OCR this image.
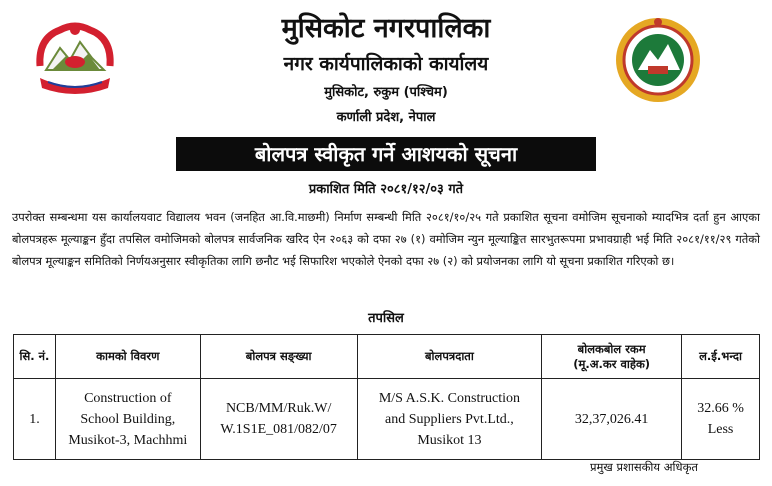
मुसिकोट नगरपालिका
नगर कार्यपालिकाको कार्यालय
मुसिकोट, रुकुम (पश्चिम)
कर्णाली प्रदेश, नेपाल
बोलपत्र स्वीकृत गर्ने आशयको सूचना
प्रकाशित मिति २०८१/१२/०३ गते

उपरोक्त सम्बन्धमा यस कार्यालयवाट विद्यालय भवन (जनहित आ.वि.माछमी) निर्माण सम्बन्धी मिति २०८१/१०/२५ गते प्रकाशित सूचना वमोजिम सूचनाको म्यादभित्र दर्ता हुन आएका बोलपत्रहरू मूल्याङ्कन हुँदा तपसिल वमोजिमको बोलपत्र सार्वजनिक खरिद ऐन २०६३ को दफा २७ (१) वमोजिम न्युन मूल्याङ्कित सारभुतरूपमा प्रभावग्राही भई मिति २०८१/११/२९ गतेको बोलपत्र मूल्याङ्कन समितिको निर्णयअनुसार स्वीकृतिका लागि छनौट भई सिफारिश भएकोले ऐनको दफा २७ (२) को प्रयोजनका लागि यो सूचना प्रकाशित गरिएको छ।

तपसिल
सि. नं.	कामको विवरण	बोलपत्र सङ्ख्या	बोलपत्रदाता	बोलकबोल रकम
(मू.अ.कर वाहेक)	ल.ई.भन्दा
1.	Construction of
School Building,
Musikot-3, Machhmi	NCB/MM/Ruk.W/
W.1S1E_081/082/07	M/S A.S.K. Construction
and Suppliers Pvt.Ltd.,
Musikot 13	32,37,026.41	32.66 %
Less
प्रमुख प्रशासकीय अधिकृत
